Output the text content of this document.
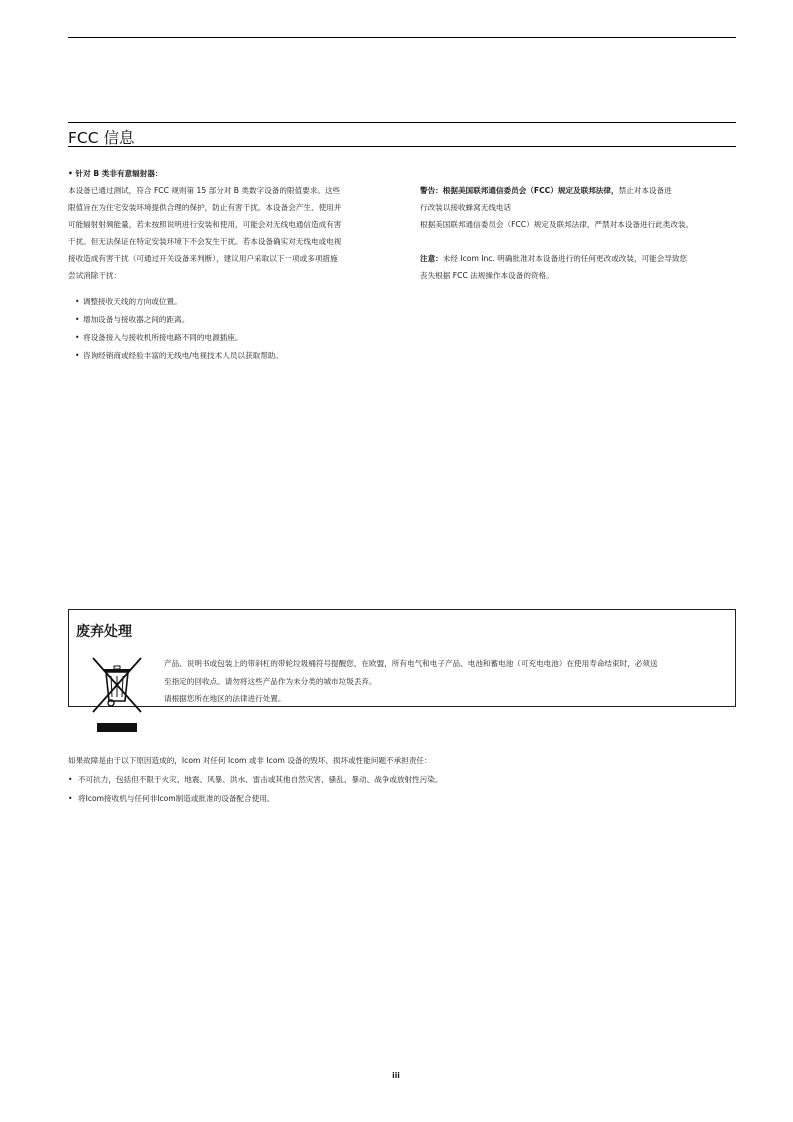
FCC 信息

• 针对 B 类非有意辐射器：

本设备已通过测试，符合 FCC 规则第 15 部分对 B 类数字设备的限值要求。这些

限值旨在为住宅安装环境提供合理的保护，防止有害干扰。本设备会产生、使用并

可能辐射射频能量，若未按照说明进行安装和使用，可能会对无线电通信造成有害

干扰。但无法保证在特定安装环境下不会发生干扰。若本设备确实对无线电或电视

接收造成有害干扰（可通过开关设备来判断），建议用户采取以下一项或多项措施

尝试消除干扰：

• 调整接收天线的方向或位置。
• 增加设备与接收器之间的距离。
• 将设备接入与接收机所接电路不同的电源插座。
• 咨询经销商或经验丰富的无线电/电视技术人员以获取帮助。

警告：根据美国联邦通信委员会（FCC）规定及联邦法律，禁止对本设备进

行改装以接收蜂窝无线电话

根据美国联邦通信委员会（FCC）规定及联邦法律，严禁对本设备进行此类改装。

注意：未经 Icom Inc. 明确批准对本设备进行的任何更改或改装，可能会导致您

丧失根据 FCC 法规操作本设备的资格。

废弃处理

产品、说明书或包装上的带斜杠的带轮垃圾桶符号提醒您，在欧盟，所有电气和电子产品、电池和蓄电池（可充电电池）在使用寿命结束时，必须送

至指定的回收点。请勿将这些产品作为未分类的城市垃圾丢弃。

请根据您所在地区的法律进行处置。

如果故障是由于以下原因造成的，Icom 对任何 Icom 或非 Icom 设备的毁坏、损坏或性能问题不承担责任：

• 不可抗力，包括但不限于火灾、地震、风暴、洪水、雷击或其他自然灾害、骚乱、暴动、战争或放射性污染。

• 将Icom接收机与任何非Icom制造或批准的设备配合使用。

iii
